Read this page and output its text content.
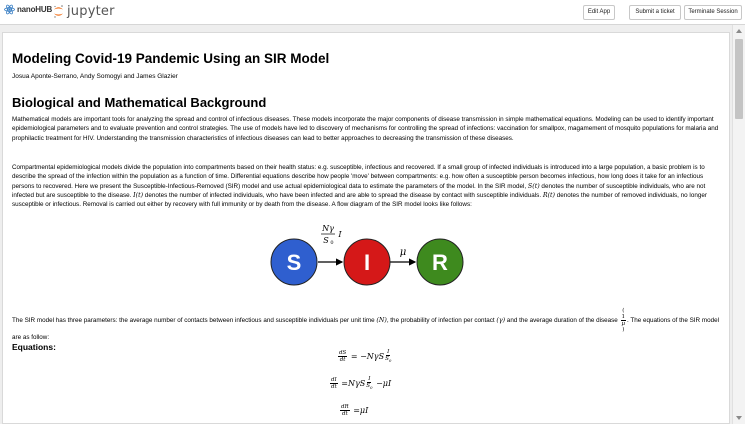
nanoHUB jupyter	Edit App	Submit a ticket	Terminate Session
Modeling Covid-19 Pandemic Using an SIR Model
Josua Aponte-Serrano, Andy Somogyi and James Glazier
Biological and Mathematical Background
Mathematical models are important tools for analyzing the spread and control of infectious diseases. These models incorporate the major components of disease transmission in simple mathematical equations. Modeling can be used to identify important epidemiological parameters and to evaluate prevention and control strategies. The use of models have led to discovery of mechanisms for controlling the spread of infections: vaccination for smallpox, magamement of mosquito populations for malaria and prophilactic treatment for HIV. Understanding the transmission characteristics of infectious diseases can lead to better approaches to decreasing the transmission of these diseases.
Compartmental epidemiological models divide the population into compartments based on their health status: e.g. susceptible, infectious and recovered. If a small group of infected individuals is introduced into a large population, a basic problem is to describe the spread of the infection within the population as a function of time. Differential equations describe how people 'move' between compartments: e.g. how often a susceptible person becomes infectious, how long does it take for an infectious persons to recovered. Here we present the Susceptible-Infectious-Removed (SIR) model and use actual epidemiological data to estimate the parameters of the model. In the SIR model, S(t) denotes the number of susceptible individuals, who are not infected but are susceptible to the disease. I(t) denotes the number of infected individuals, who have been infected and are able to spread the disease by contact with susceptible individuals. R(t) denotes the number of removed individuals, no longer susceptible or infectious. Removal is carried out either by recovery with full immunity or by death from the disease. A flow diagram of the SIR model looks like follows:
S	I	R
Nγ
S 0
I
μ
The SIR model has three parameters: the average number of contacts between infectious and susceptible individuals per unit time (N), the probability of infection per contact (γ) and the average duration of the disease (
1
μ
). The equations of the SIR model are as follow:
Equations:
$\frac{dS}{dt}$ = − NγS $\frac{I}{S_0}$
$\frac{dI}{dt} = N\gamma S \frac{I}{S_0} - \mu I$
$\frac{dR}{dt} = \mu I$
